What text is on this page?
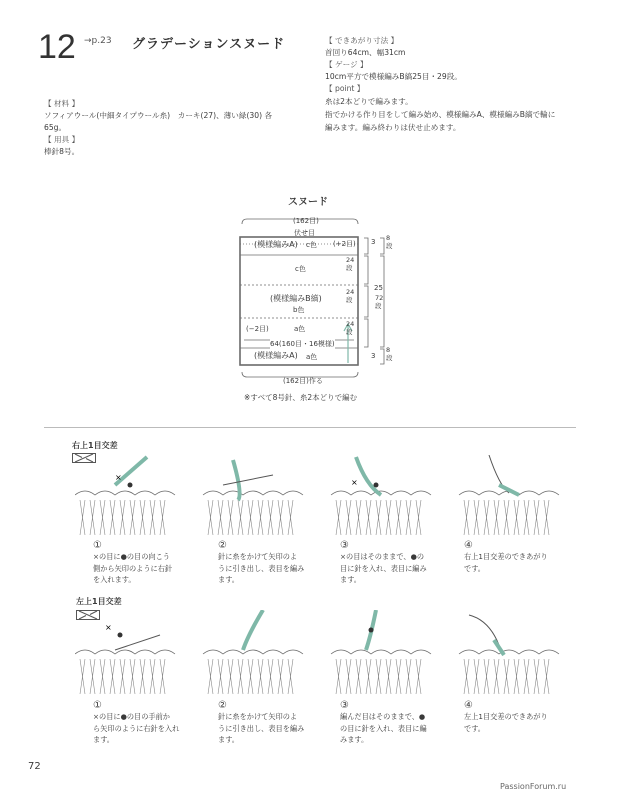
12 →p.23 グラデーションスヌード
【 材料 】
ソフィアウール(中細タイプウール糸)　カーキ(27)、薄い緑(30) 各
65g。
【 用具 】
棒針8号。
【 できあがり寸法 】
首回り64cm、幅31cm
【 ゲージ 】
10cm平方で模様編みB縞25目・29段。
【 point 】
糸は2本どりで編みます。
指でかける作り目をして編み始め、模様編みA、模様編みB縞で輪に
編みます。編み終わりは伏せ止めます。
スヌード
(162目)
伏せ目
(模様編みA) c色 (+2目)
c色
(模様編みB縞)
b色
a色
(−2目)
64(160目・16模様)
(模様編みA) a色
(162目)作る
24段
24段
24段
3 8段
25
72段
3
8段
※すべて8号針、糸2本どりで編む
右上1目交差
×
×
①
×の目に●の目の向こう
側から矢印のように右針
を入れます。
②
針に糸をかけて矢印のよ
うに引き出し、表目を編み
ます。
③
×の目はそのままで、●の
目に針を入れ、表目に編み
ます。
④
右上1目交差のできあがり
です。
左上1目交差
×
①
×の目に●の目の手前か
ら矢印のように右針を入れ
ます。
②
針に糸をかけて矢印のよ
うに引き出し、表目を編み
ます。
③
編んだ目はそのままで、●
の目に針を入れ、表目に編
みます。
④
左上1目交差のできあがり
です。
72
PassionForum.ru
